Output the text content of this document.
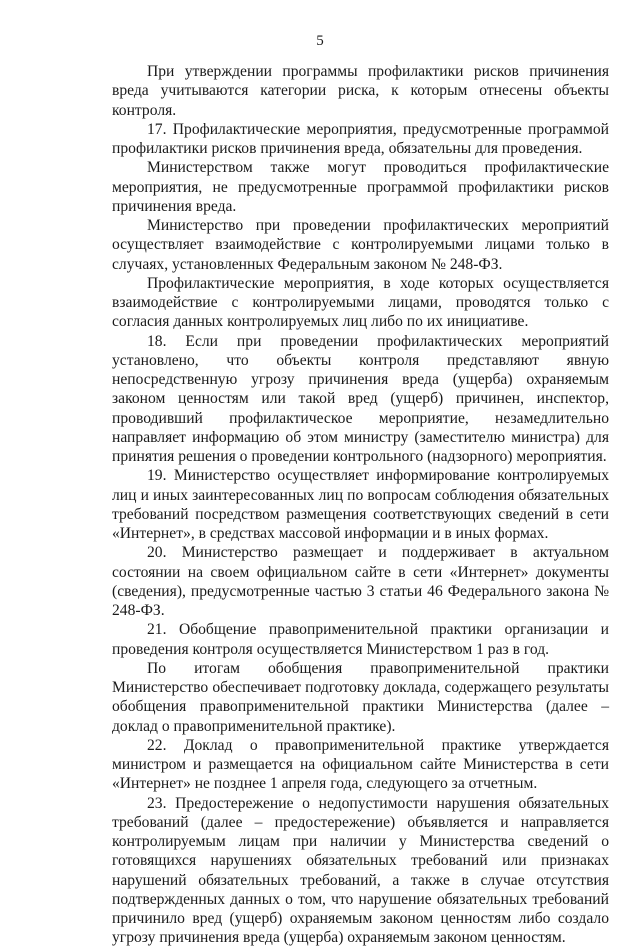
5

При утверждении программы профилактики рисков причинения вреда учитываются категории риска, к которым отнесены объекты контроля.

17. Профилактические мероприятия, предусмотренные программой профилактики рисков причинения вреда, обязательны для проведения.

Министерством также могут проводиться профилактические мероприятия, не предусмотренные программой профилактики рисков причинения вреда.

Министерство при проведении профилактических мероприятий осуществляет взаимодействие с контролируемыми лицами только в случаях, установленных Федеральным законом № 248-ФЗ.

Профилактические мероприятия, в ходе которых осуществляется взаимодействие с контролируемыми лицами, проводятся только с согласия данных контролируемых лиц либо по их инициативе.

18. Если при проведении профилактических мероприятий установлено, что объекты контроля представляют явную непосредственную угрозу причинения вреда (ущерба) охраняемым законом ценностям или такой вред (ущерб) причинен, инспектор, проводивший профилактическое мероприятие, незамедлительно направляет информацию об этом министру (заместителю министра) для принятия решения о проведении контрольного (надзорного) мероприятия.

19. Министерство осуществляет информирование контролируемых лиц и иных заинтересованных лиц по вопросам соблюдения обязательных требований посредством размещения соответствующих сведений в сети «Интернет», в средствах массовой информации и в иных формах.

20. Министерство размещает и поддерживает в актуальном состоянии на своем официальном сайте в сети «Интернет» документы (сведения), предусмотренные частью 3 статьи 46 Федерального закона № 248-ФЗ.

21. Обобщение правоприменительной практики организации и проведения контроля осуществляется Министерством 1 раз в год.

По итогам обобщения правоприменительной практики Министерство обеспечивает подготовку доклада, содержащего результаты обобщения правоприменительной практики Министерства (далее – доклад о правоприменительной практике).

22. Доклад о правоприменительной практике утверждается министром и размещается на официальном сайте Министерства в сети «Интернет» не позднее 1 апреля года, следующего за отчетным.

23. Предостережение о недопустимости нарушения обязательных требований (далее – предостережение) объявляется и направляется контролируемым лицам при наличии у Министерства сведений о готовящихся нарушениях обязательных требований или признаках нарушений обязательных требований, а также в случае отсутствия подтвержденных данных о том, что нарушение обязательных требований причинило вред (ущерб) охраняемым законом ценностям либо создало угрозу причинения вреда (ущерба) охраняемым законом ценностям.
